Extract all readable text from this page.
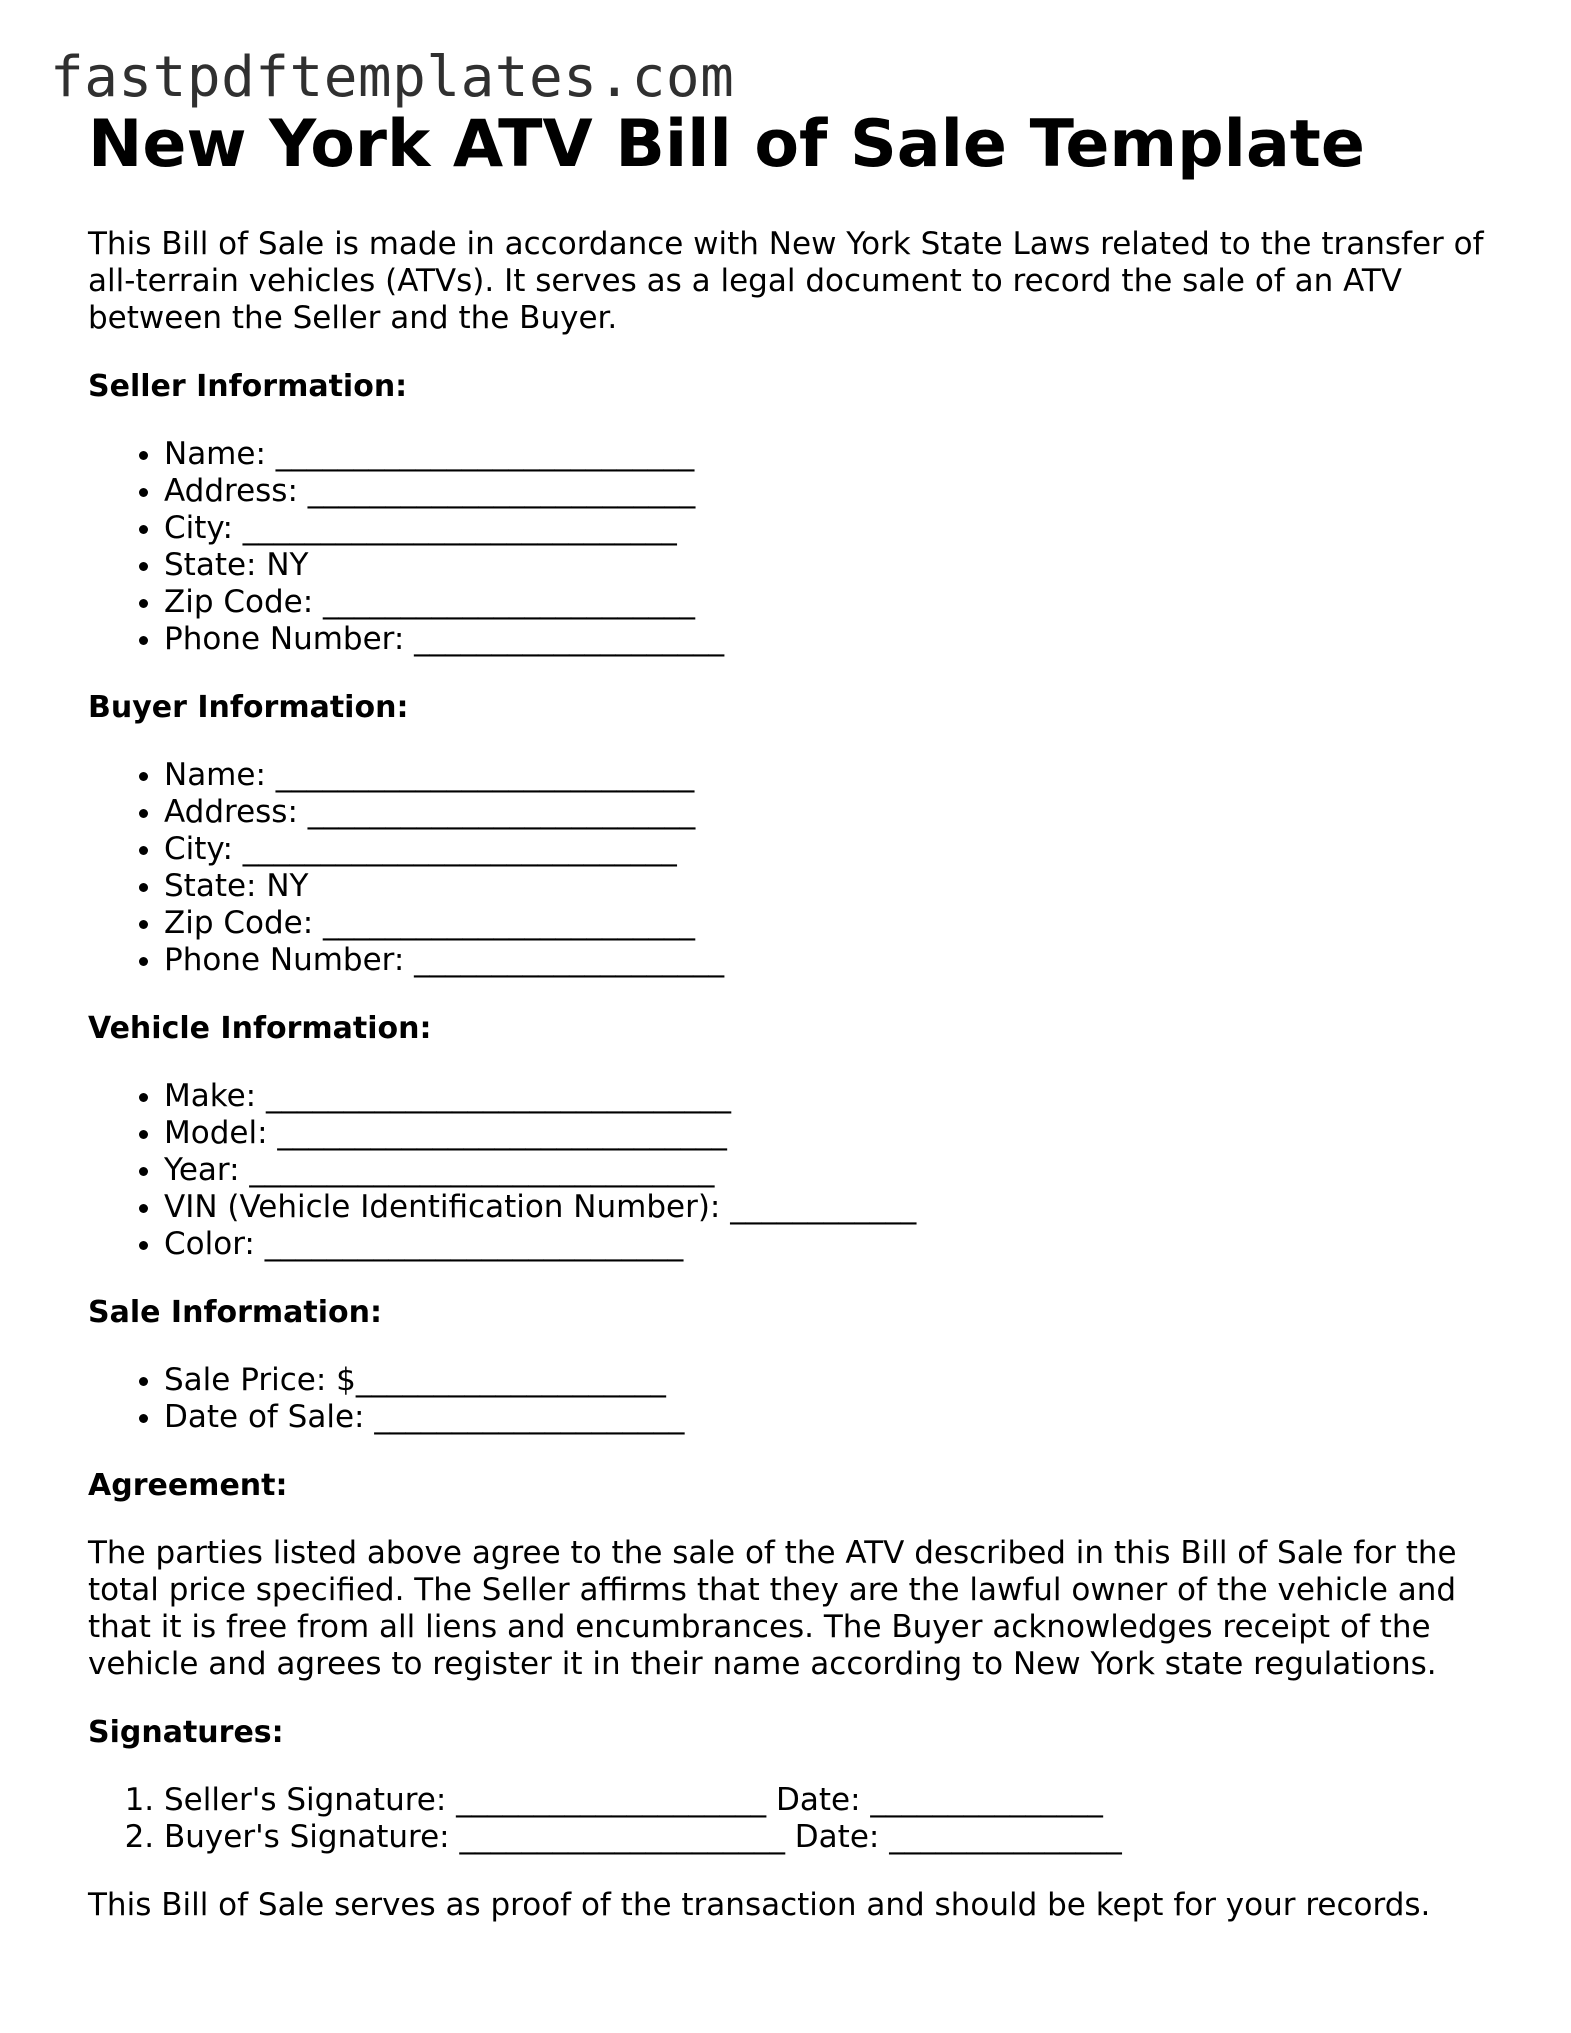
fastpdftemplates.com
New York ATV Bill of Sale Template

This Bill of Sale is made in accordance with New York State Laws related to the transfer of all-terrain vehicles (ATVs). It serves as a legal document to record the sale of an ATV between the Seller and the Buyer.

Seller Information:
• Name: ___________________________
• Address: _________________________
• City: ____________________________
• State: NY
• Zip Code: ________________________
• Phone Number: ____________________
Buyer Information:
• Name: ___________________________
• Address: _________________________
• City: ____________________________
• State: NY
• Zip Code: ________________________
• Phone Number: ____________________
Vehicle Information:
• Make: ______________________________
• Model: _____________________________
• Year: ______________________________
• VIN (Vehicle Identification Number): ____________
• Color: ___________________________
Sale Information:
• Sale Price: $____________________
• Date of Sale: ____________________
Agreement:

The parties listed above agree to the sale of the ATV described in this Bill of Sale for the total price specified. The Seller affirms that they are the lawful owner of the vehicle and that it is free from all liens and encumbrances. The Buyer acknowledges receipt of the vehicle and agrees to register it in their name according to New York state regulations.

Signatures:
1. Seller's Signature: ____________________ Date: _______________
2. Buyer's Signature: _____________________ Date: _______________

This Bill of Sale serves as proof of the transaction and should be kept for your records.
